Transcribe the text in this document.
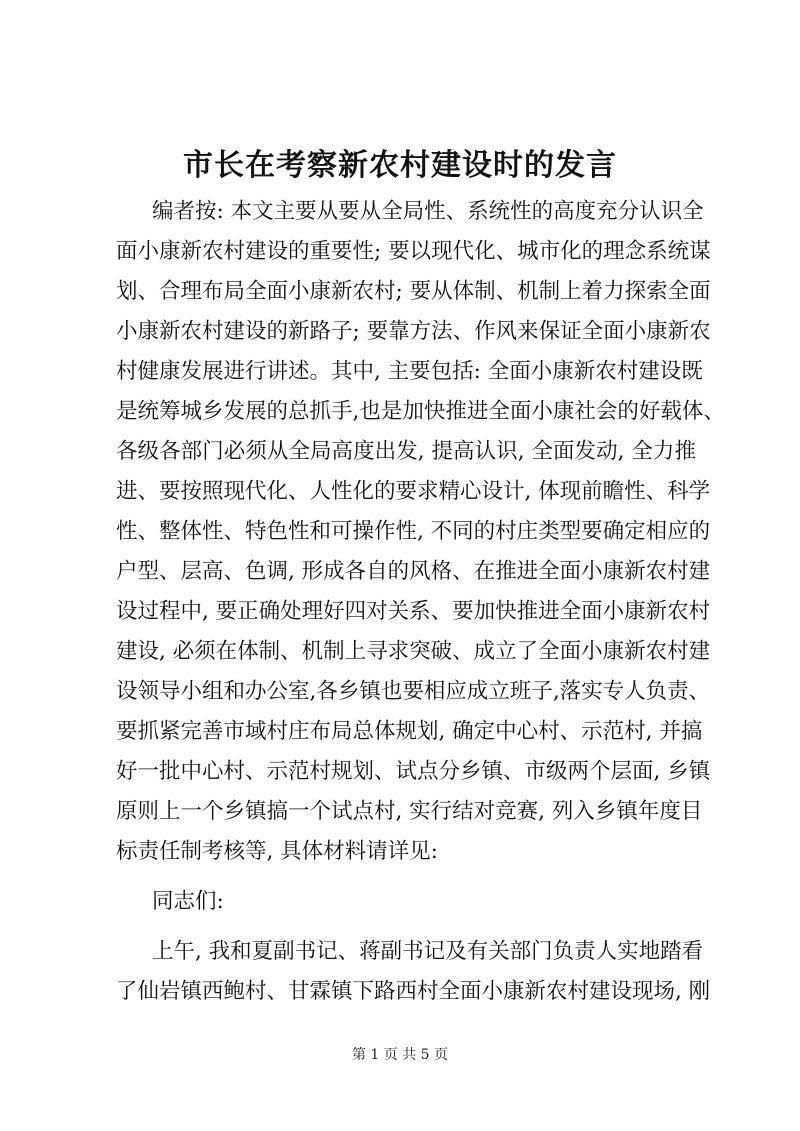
市长在考察新农村建设时的发言
编者按: 本文主要从要从全局性、系统性的高度充分认识全
面小康新农村建设的重要性; 要以现代化、城市化的理念系统谋
划、合理布局全面小康新农村; 要从体制、机制上着力探索全面
小康新农村建设的新路子; 要靠方法、作风来保证全面小康新农
村健康发展进行讲述。其中, 主要包括: 全面小康新农村建设既
是统筹城乡发展的总抓手,也是加快推进全面小康社会的好载体、
各级各部门必须从全局高度出发, 提高认识, 全面发动, 全力推
进、要按照现代化、人性化的要求精心设计, 体现前瞻性、科学
性、整体性、特色性和可操作性, 不同的村庄类型要确定相应的
户型、层高、色调, 形成各自的风格、在推进全面小康新农村建
设过程中, 要正确处理好四对关系、要加快推进全面小康新农村
建设, 必须在体制、机制上寻求突破、成立了全面小康新农村建
设领导小组和办公室,各乡镇也要相应成立班子,落实专人负责、
要抓紧完善市域村庄布局总体规划, 确定中心村、示范村, 并搞
好一批中心村、示范村规划、试点分乡镇、市级两个层面, 乡镇
原则上一个乡镇搞一个试点村, 实行结对竞赛, 列入乡镇年度目
标责任制考核等, 具体材料请详见:
同志们:
上午, 我和夏副书记、蒋副书记及有关部门负责人实地踏看
了仙岩镇西鲍村、甘霖镇下路西村全面小康新农村建设现场, 刚
第 1 页 共 5 页
